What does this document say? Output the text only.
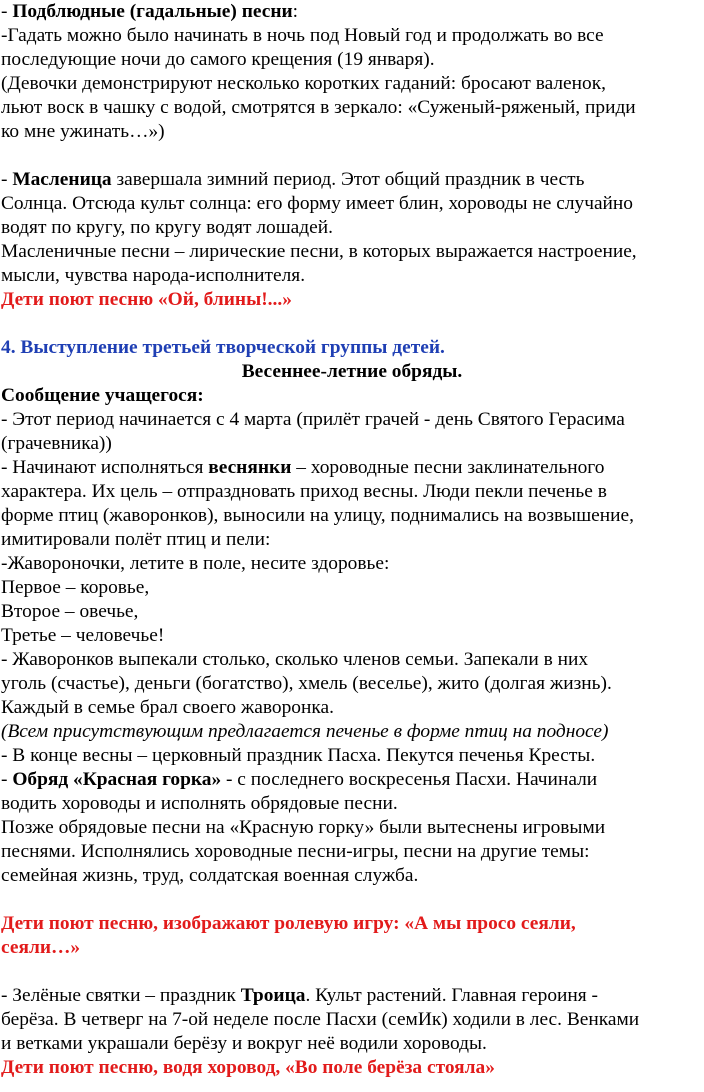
- Подблюдные (гадальные) песни:
-Гадать можно было начинать в ночь под Новый год и продолжать во все
последующие ночи до самого крещения (19 января).
(Девочки демонстрируют несколько коротких гаданий: бросают валенок,
льют воск в чашку с водой, смотрятся в зеркало: «Суженый-ряженый, приди
ко мне ужинать…»)
- Масленица завершала зимний период. Этот общий праздник в честь
Солнца. Отсюда культ солнца: его форму имеет блин, хороводы не случайно
водят по кругу, по кругу водят лошадей.
Масленичные песни – лирические песни, в которых выражается настроение,
мысли, чувства народа-исполнителя.
Дети поют песню «Ой, блины!...»
4. Выступление третьей творческой группы детей.
Весеннее-летние обряды.
Сообщение учащегося:
- Этот период начинается с 4 марта (прилёт грачей - день Святого Герасима
(грачевника))
- Начинают исполняться веснянки – хороводные песни заклинательного
характера. Их цель – отпраздновать приход весны. Люди пекли печенье в
форме птиц (жаворонков), выносили на улицу, поднимались на возвышение,
имитировали полёт птиц и пели:
-Жавороночки, летите в поле, несите здоровье:
Первое – коровье,
Второе – овечье,
Третье – человечье!
- Жаворонков выпекали столько, сколько членов семьи. Запекали в них
уголь (счастье), деньги (богатство), хмель (веселье), жито (долгая жизнь).
Каждый в семье брал своего жаворонка.
(Всем присутствующим предлагается печенье в форме птиц на подносе)
- В конце весны – церковный праздник Пасха. Пекутся печенья Кресты.
- Обряд «Красная горка» - с последнего воскресенья Пасхи. Начинали
водить хороводы и исполнять обрядовые песни.
Позже обрядовые песни на «Красную горку» были вытеснены игровыми
песнями. Исполнялись хороводные песни-игры, песни на другие темы:
семейная жизнь, труд, солдатская военная служба.
Дети поют песню, изображают ролевую игру: «А мы просо сеяли,
сеяли…»
- Зелёные святки – праздник Троица. Культ растений. Главная героиня -
берёза. В четверг на 7-ой неделе после Пасхи (семИк) ходили в лес. Венками
и ветками украшали берёзу и вокруг неё водили хороводы.
Дети поют песню, водя хоровод, «Во поле берёза стояла»
